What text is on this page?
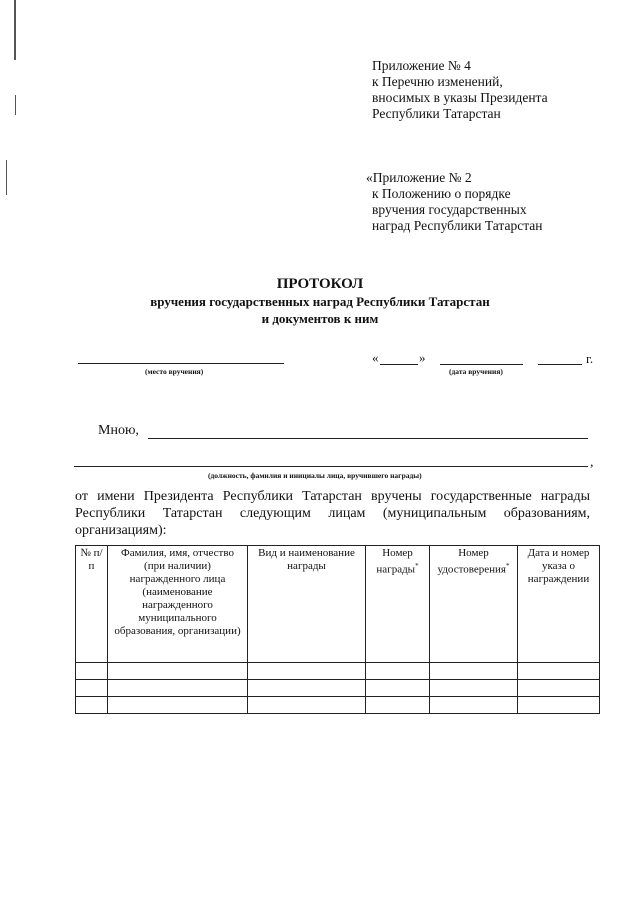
Приложение № 4
к Перечню изменений,
вносимых в указы Президента
Республики Татарстан
«Приложение № 2
к Положению о порядке
вручения государственных
наград Республики Татарстан
ПРОТОКОЛ
вручения государственных наград Республики Татарстан
и документов к ним
(место вручения)
«	»
(дата вручения)
г.
Мною,
,
(должность, фамилия и инициалы лица, вручившего награды)
от имени Президента Республики Татарстан вручены государственные награды Республики Татарстан следующим лицам (муниципальным образованиям, организациям):
№ п/п	Фамилия, имя, отчество (при наличии) награжденного лица (наименование награжденного муниципального образования, организации)	Вид и наименование награды	Номер награды*	Номер удостоверения*	Дата и номер указа о награждении
